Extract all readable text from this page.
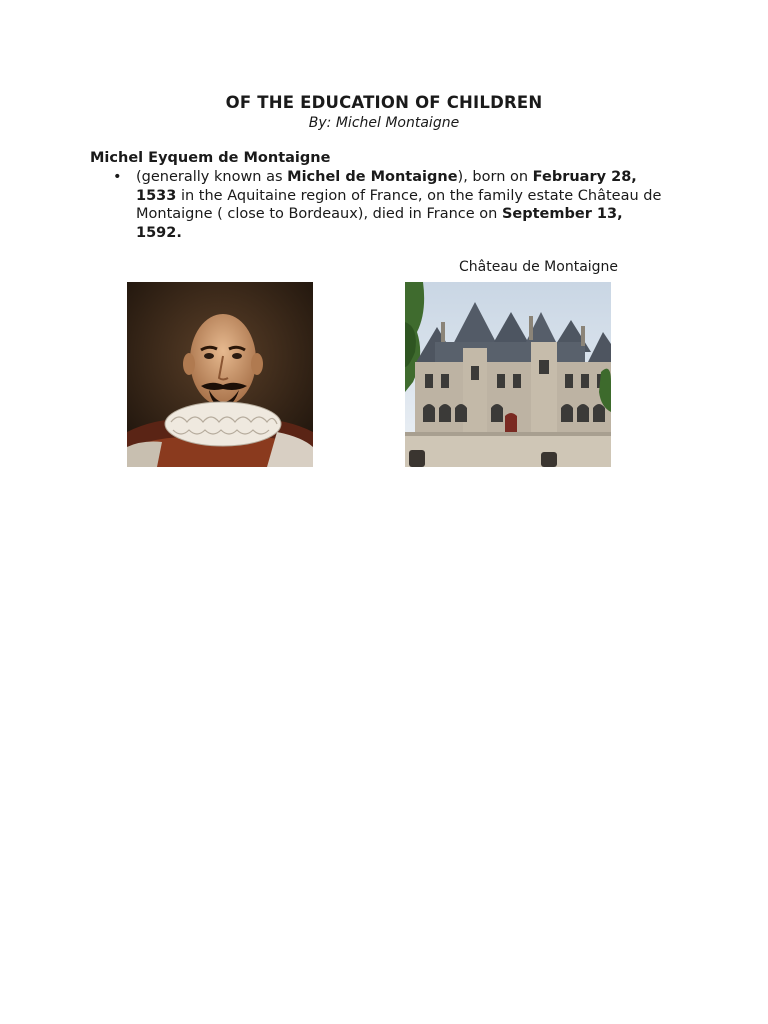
OF THE EDUCATION OF CHILDREN
By: Michel Montaigne
Michel Eyquem de Montaigne
• (generally known as Michel de Montaigne), born on February 28, 1533 in the Aquitaine region of France, on the family estate Château de Montaigne ( close to Bordeaux), died in France on September 13, 1592.
Château de Montaigne
